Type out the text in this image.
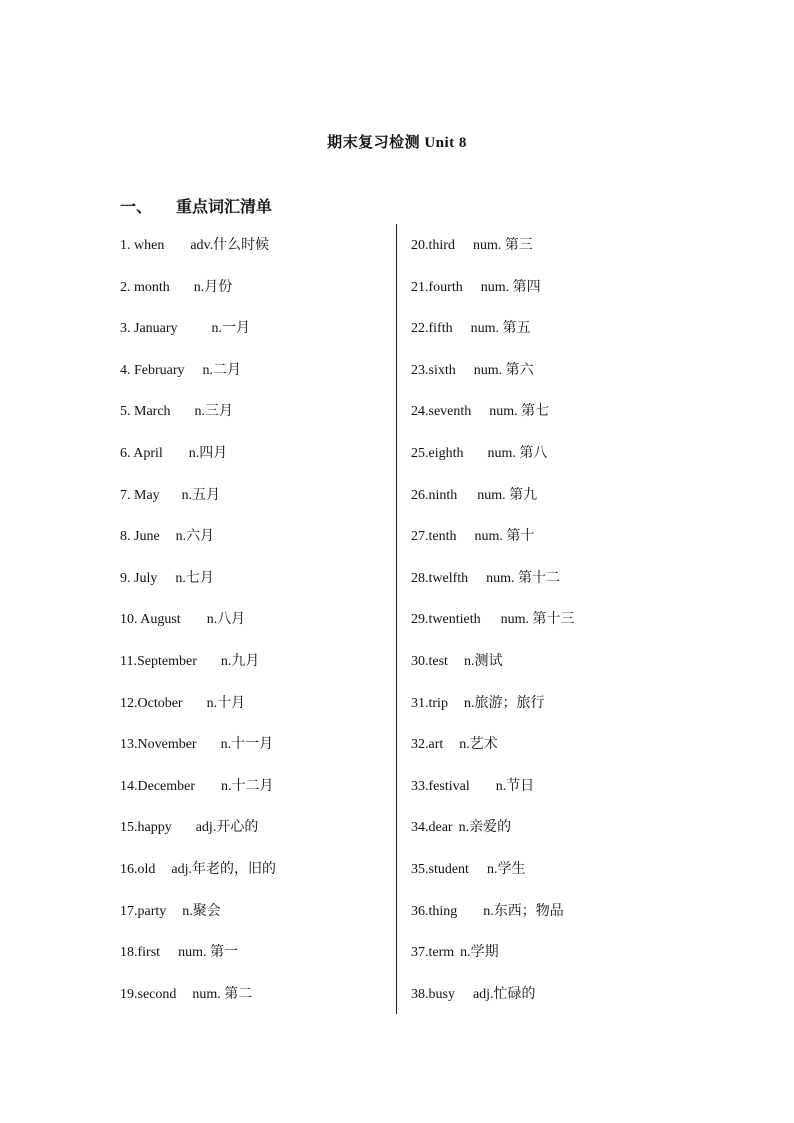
期末复习检测 Unit 8
一、	重点词汇清单
1. when adv.什么时候
2. month n.月份
3. January n.一月
4. February n.二月
5. March n.三月
6. April n.四月
7. May n.五月
8. June n.六月
9. July n.七月
10. August n.八月
11.September n.九月
12.October n.十月
13.November n.十一月
14.December n.十二月
15.happy adj.开心的
16.old adj.年老的，旧的
17.party n.聚会
18.first num. 第一
19.second num. 第二
20.third num. 第三
21.fourth num. 第四
22.fifth num. 第五
23.sixth num. 第六
24.seventh num. 第七
25.eighth num. 第八
26.ninth num. 第九
27.tenth num. 第十
28.twelfth num. 第十二
29.twentieth num. 第十三
30.test n.测试
31.trip n.旅游；旅行
32.art n.艺术
33.festival n.节日
34.dear n.亲爱的
35.student n.学生
36.thing n.东西；物品
37.term n.学期
38.busy adj.忙碌的
